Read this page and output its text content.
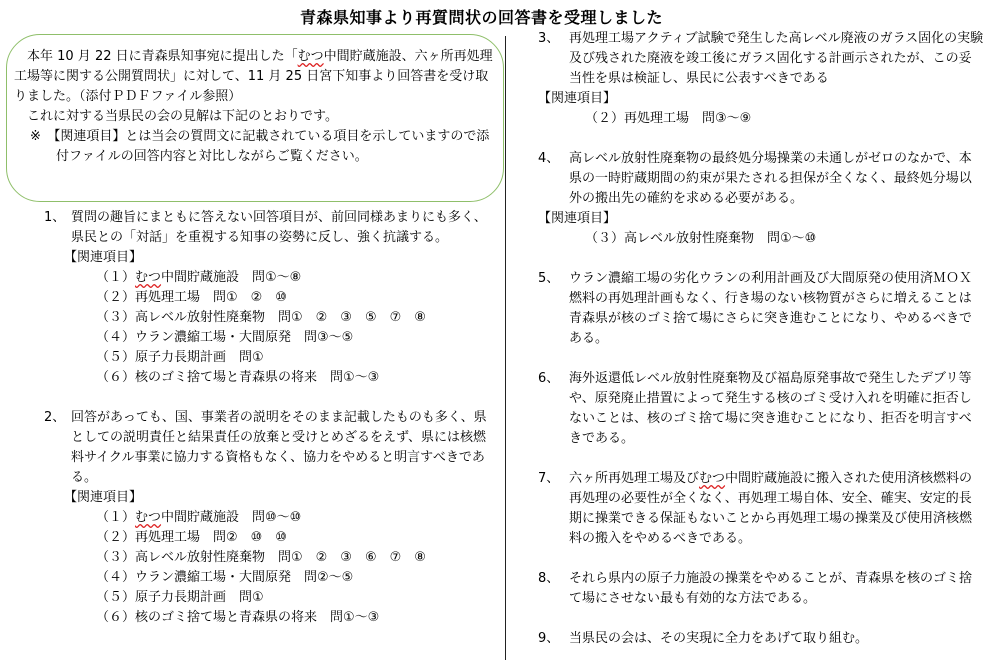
青森県知事より再質問状の回答書を受理しました

本年 10 月 22 日に青森県知事宛に提出した「むつ中間貯蔵施設、六ヶ所再処理工場等に関する公開質問状」に対して、11 月 25 日宮下知事より回答書を受け取りました。（添付ＰＤＦファイル参照）

これに対する当県民の会の見解は下記のとおりです。

※　【関連項目】とは当会の質問文に記載されている項目を示していますので添付ファイルの回答内容と対比しながらご覧ください。

1、 質問の趣旨にまともに答えない回答項目が、前回同様あまりにも多く、県民との「対話」を重視する知事の姿勢に反し、強く抗議する。
【関連項目】
（１）むつ中間貯蔵施設　問①～⑧
（２）再処理工場　問①　②　⑩
（３）高レベル放射性廃棄物　問①　②　③　⑤　⑦　⑧
（４）ウラン濃縮工場・大間原発　問③～⑤
（５）原子力長期計画　問①
（６）核のゴミ捨て場と青森県の将来　問①～③
2、 回答があっても、国、事業者の説明をそのまま記載したものも多く、県としての説明責任と結果責任の放棄と受けとめざるをえず、県には核燃料サイクル事業に協力する資格もなく、協力をやめると明言すべきである。
【関連項目】
（１）むつ中間貯蔵施設　問⑩～⑩
（２）再処理工場　問②　⑩　⑩
（３）高レベル放射性廃棄物　問①　②　③　⑥　⑦　⑧
（４）ウラン濃縮工場・大間原発　問②～⑤
（５）原子力長期計画　問①
（６）核のゴミ捨て場と青森県の将来　問①～③
3、 再処理工場アクティブ試験で発生した高レベル廃液のガラス固化の実験及び残された廃液を竣工後にガラス固化する計画示されたが、この妥当性を県は検証し、県民に公表すべきである
【関連項目】
（２）再処理工場　問③～⑨
4、 高レベル放射性廃棄物の最終処分場操業の未通しがゼロのなかで、本県の一時貯蔵期間の約束が果たされる担保が全くなく、最終処分場以外の搬出先の確約を求める必要がある。
【関連項目】
（３）高レベル放射性廃棄物　問①～⑩
5、 ウラン濃縮工場の劣化ウランの利用計画及び大間原発の使用済ＭＯＸ燃料の再処理計画もなく、行き場のない核物質がさらに増えることは青森県が核のゴミ捨て場にさらに突き進むことになり、やめるべきである。
6、 海外返還低レベル放射性廃棄物及び福島原発事故で発生したデブリ等や、原発廃止措置によって発生する核のゴミ受け入れを明確に拒否しないことは、核のゴミ捨て場に突き進むことになり、拒否を明言すべきである。
7、 六ヶ所再処理工場及びむつ中間貯蔵施設に搬入された使用済核燃料の再処理の必要性が全くなく、再処理工場自体、安全、確実、安定的長期に操業できる保証もないことから再処理工場の操業及び使用済核燃料の搬入をやめるべきである。
8、 それら県内の原子力施設の操業をやめることが、青森県を核のゴミ捨て場にさせない最も有効的な方法である。
9、 当県民の会は、その実現に全力をあげて取り組む。
